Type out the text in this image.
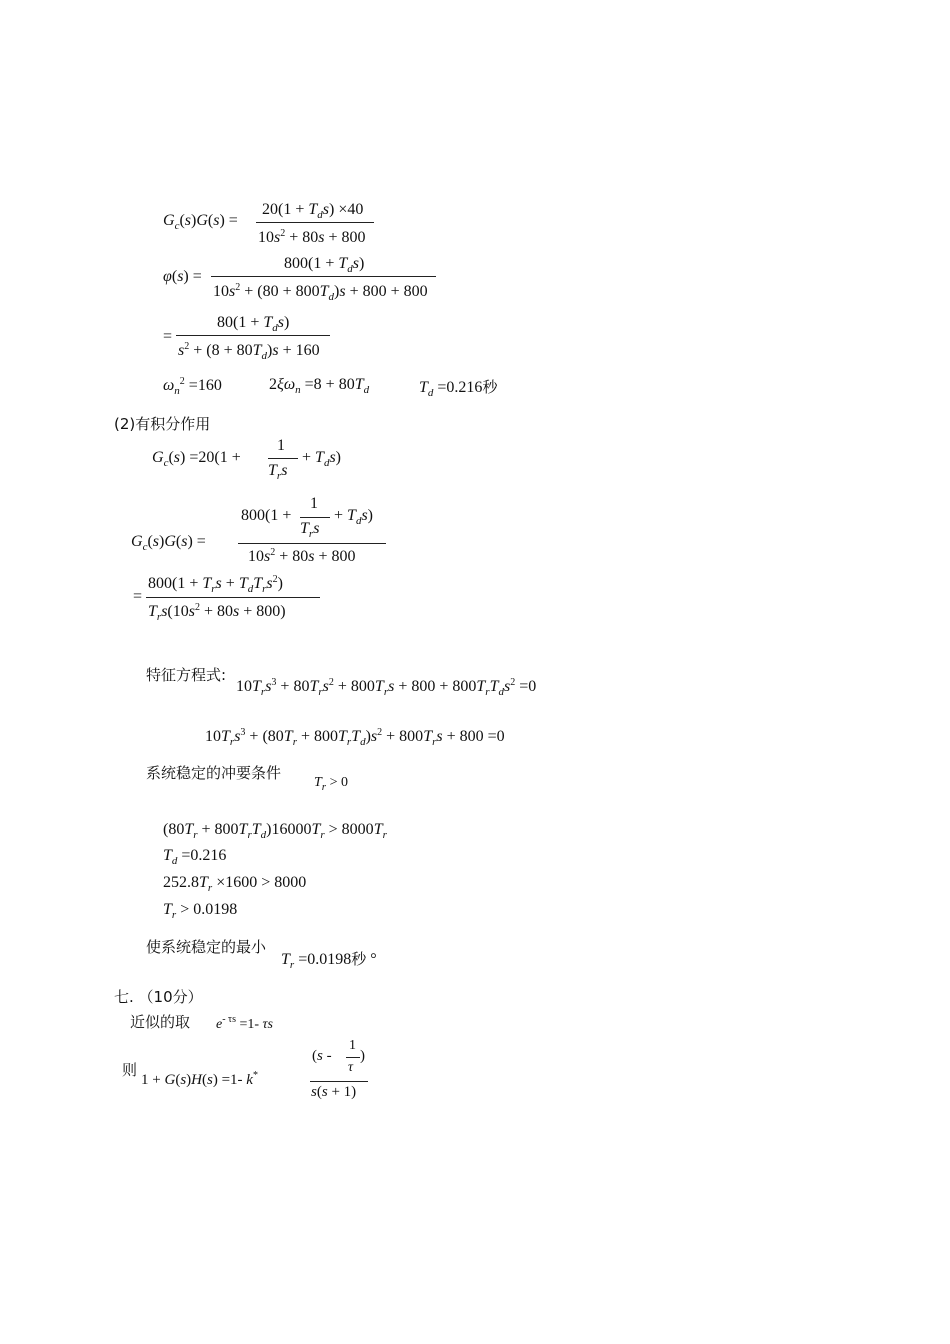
$G_c(s)G(s)$ =
$20(1 + T_ds) \times 40$
$10s^2 + 80s + 800$
φ(s) =
$800(1 + T_ds)$
$10s^2 + (80 + 800T_d)s + 800 + 800$
=
$80(1 + T_ds)$
$s^2 + (8 + 80T_d)s + 160$
$\omega_n^2 =160$	$2\xi\omega_n =8 + 80T_d$	$T_d =0.216$秒
(2)有积分作用
$G_c(s) =20(1$ +
1
$T_rs$
+ $T_ds$)
$G_c(s)G(s)$ =
800(1 +
1
$T_rs$
+ $T_ds$)
$10s^2 + 80s + 800$
=
$800(1 + T_rs + T_dT_rs^2)$
$T_rs(10s^2 + 80s + 800)$
特征方程式:
$10T_rs^3 + 80T_rs^2 + 800T_rs + 800 + 800T_rT_ds^2 =0$
$10T_rs^3 + (80T_r + 800T_rT_d)s^2 + 800T_rs + 800 =0$
系统稳定的冲要条件
$T_r > 0$
$(80T_r + 800T_rT_d)16000T_r > 8000T_r$
$T_d =0.216$
$252.8T_r \times 1600 > 8000$
$T_r > 0.0198$
使系统稳定的最小
$T_r =0.0198$秒 °
七. （10分）
近似的取 $e^{- \tau s} =1-$ τs
则
1 + G(s)H(s) =1- k*
(s -
1
τ
)
s(s + 1)
